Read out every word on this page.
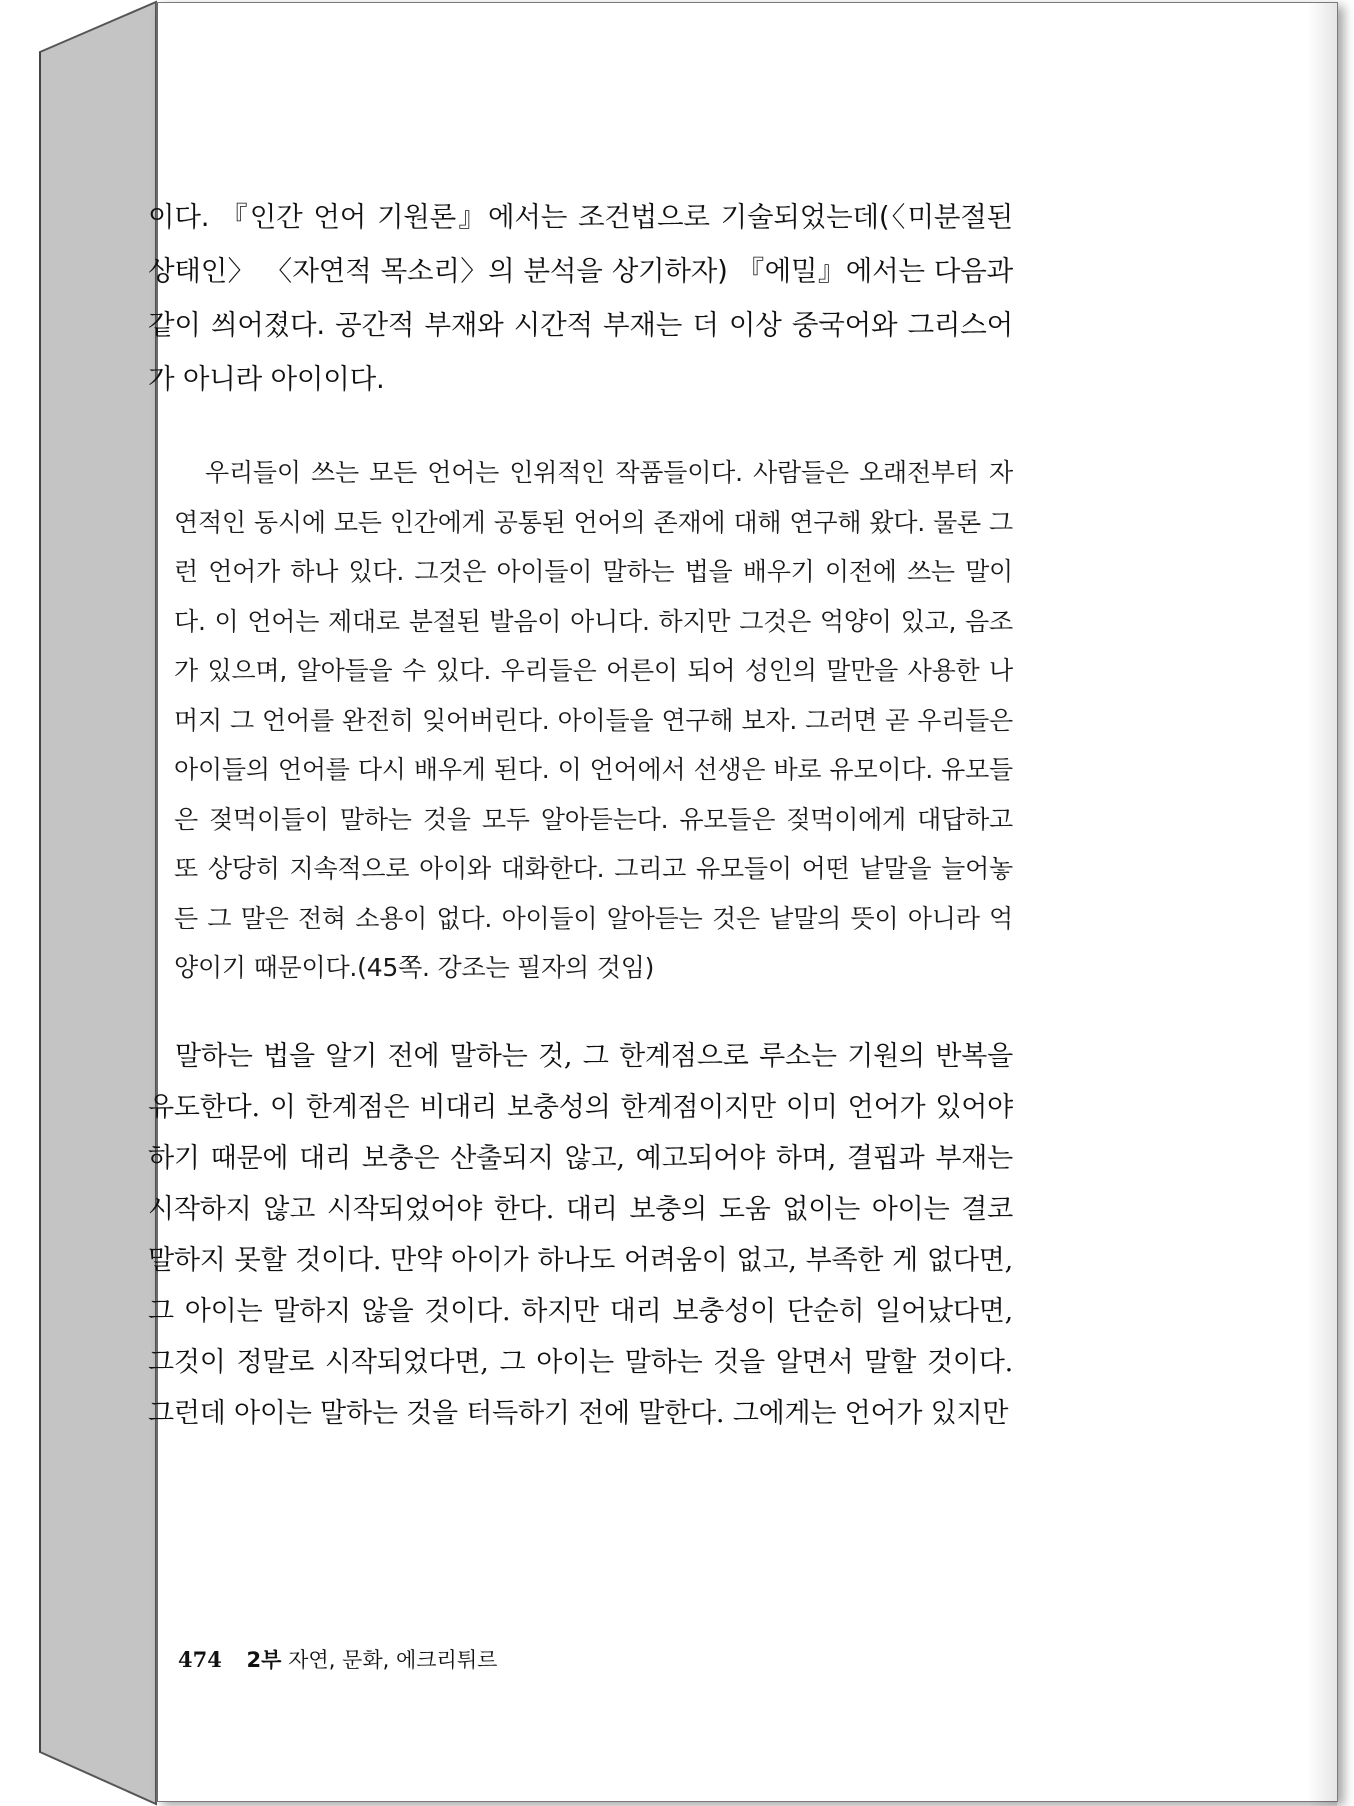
이다. 『인간 언어 기원론』에서는 조건법으로 기술되었는데(〈미분절된 상태인〉 〈자연적 목소리〉의 분석을 상기하자) 『에밀』에서는 다음과 같이 씌어졌다. 공간적 부재와 시간적 부재는 더 이상 중국어와 그리스어가 아니라 아이이다.

우리들이 쓰는 모든 언어는 인위적인 작품들이다. 사람들은 오래전부터 자연적인 동시에 모든 인간에게 공통된 언어의 존재에 대해 연구해 왔다. 물론 그런 언어가 하나 있다. 그것은 아이들이 말하는 법을 배우기 이전에 쓰는 말이다. 이 언어는 제대로 분절된 발음이 아니다. 하지만 그것은 억양이 있고, 음조가 있으며, 알아들을 수 있다. 우리들은 어른이 되어 성인의 말만을 사용한 나머지 그 언어를 완전히 잊어버린다. 아이들을 연구해 보자. 그러면 곧 우리들은 아이들의 언어를 다시 배우게 된다. 이 언어에서 선생은 바로 유모이다. 유모들은 젖먹이들이 말하는 것을 모두 알아듣는다. 유모들은 젖먹이에게 대답하고 또 상당히 지속적으로 아이와 대화한다. 그리고 유모들이 어떤 낱말을 늘어놓든 그 말은 전혀 소용이 없다. 아이들이 알아듣는 것은 낱말의 뜻이 아니라 억양이기 때문이다.(45쪽. 강조는 필자의 것임)

말하는 법을 알기 전에 말하는 것, 그 한계점으로 루소는 기원의 반복을 유도한다. 이 한계점은 비대리 보충성의 한계점이지만 이미 언어가 있어야 하기 때문에 대리 보충은 산출되지 않고, 예고되어야 하며, 결핍과 부재는 시작하지 않고 시작되었어야 한다. 대리 보충의 도움 없이는 아이는 결코 말하지 못할 것이다. 만약 아이가 하나도 어려움이 없고, 부족한 게 없다면, 그 아이는 말하지 않을 것이다. 하지만 대리 보충성이 단순히 일어났다면, 그것이 정말로 시작되었다면, 그 아이는 말하는 것을 알면서 말할 것이다. 그런데 아이는 말하는 것을 터득하기 전에 말한다. 그에게는 언어가 있지만

474 2부 자연, 문화, 에크리튀르
